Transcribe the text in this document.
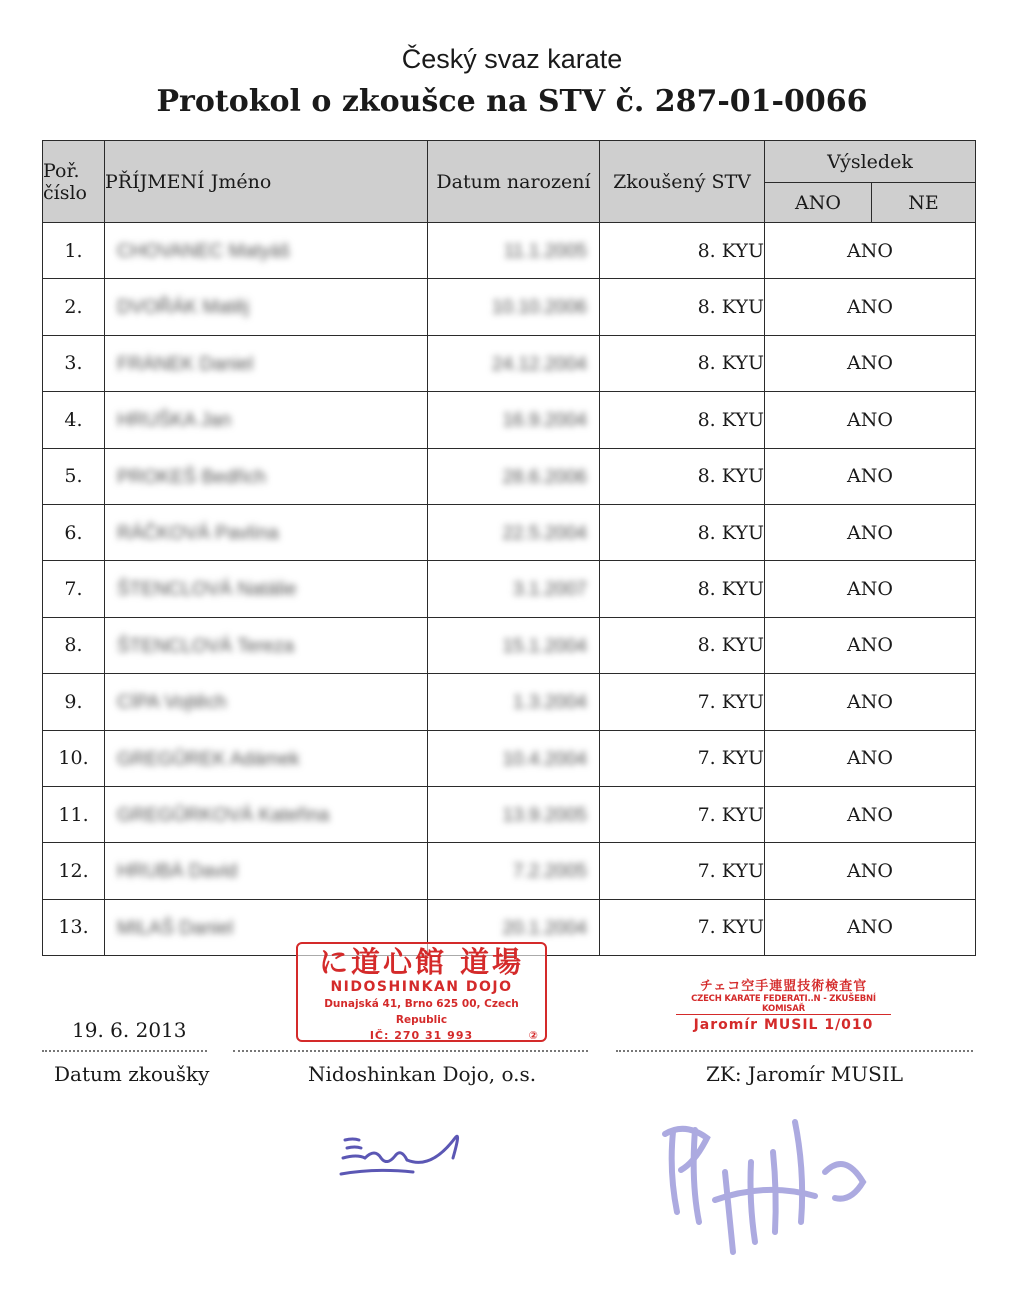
Český svaz karate
Protokol o zkoušce na STV č. 287-01-0066
Poř. číslo	PŘÍJMENÍ Jméno	Datum narození	Zkoušený STV	Výsledek	
				ANO	NE
1.	CHOVANEC Matyáš	11.1.2005	8. KYU	ANO	
2.	DVOŘÁK Matěj	10.10.2006	8. KYU	ANO	
3.	FRÁNEK Daniel	24.12.2004	8. KYU	ANO	
4.	HRUŠKA Jan	16.9.2004	8. KYU	ANO	
5.	PROKEŠ Bedřich	28.6.2006	8. KYU	ANO	
6.	RÁČKOVÁ Pavlína	22.5.2004	8. KYU	ANO	
7.	ŠTENCLOVÁ Natálie	3.1.2007	8. KYU	ANO	
8.	ŠTENCLOVÁ Tereza	15.1.2004	8. KYU	ANO	
9.	CÍPA Vojtěch	1.3.2004	7. KYU	ANO	
10.	GREGŮREK Adámek	10.4.2004	7. KYU	ANO	
11.	GREGŮRKOVÁ Kateřina	13.9.2005	7. KYU	ANO	
12.	HRUBÁ David	7.2.2005	7. KYU	ANO	
13.	MILAŠ Daniel	20.1.2004	7. KYU	ANO	
に道心館 道場
NIDOSHINKAN DOJO
Dunajská 41, Brno 625 00, Czech Republic
IČ: 270 31 993	②
チェコ空手連盟技術検査官
CZECH KARATE FEDERATI..N - ZKUŠEBNÍ KOMISAŘ
Jaromír MUSIL 1/010
19. 6. 2013
Datum zkoušky	Nidoshinkan Dojo, o.s.	ZK: Jaromír MUSIL
